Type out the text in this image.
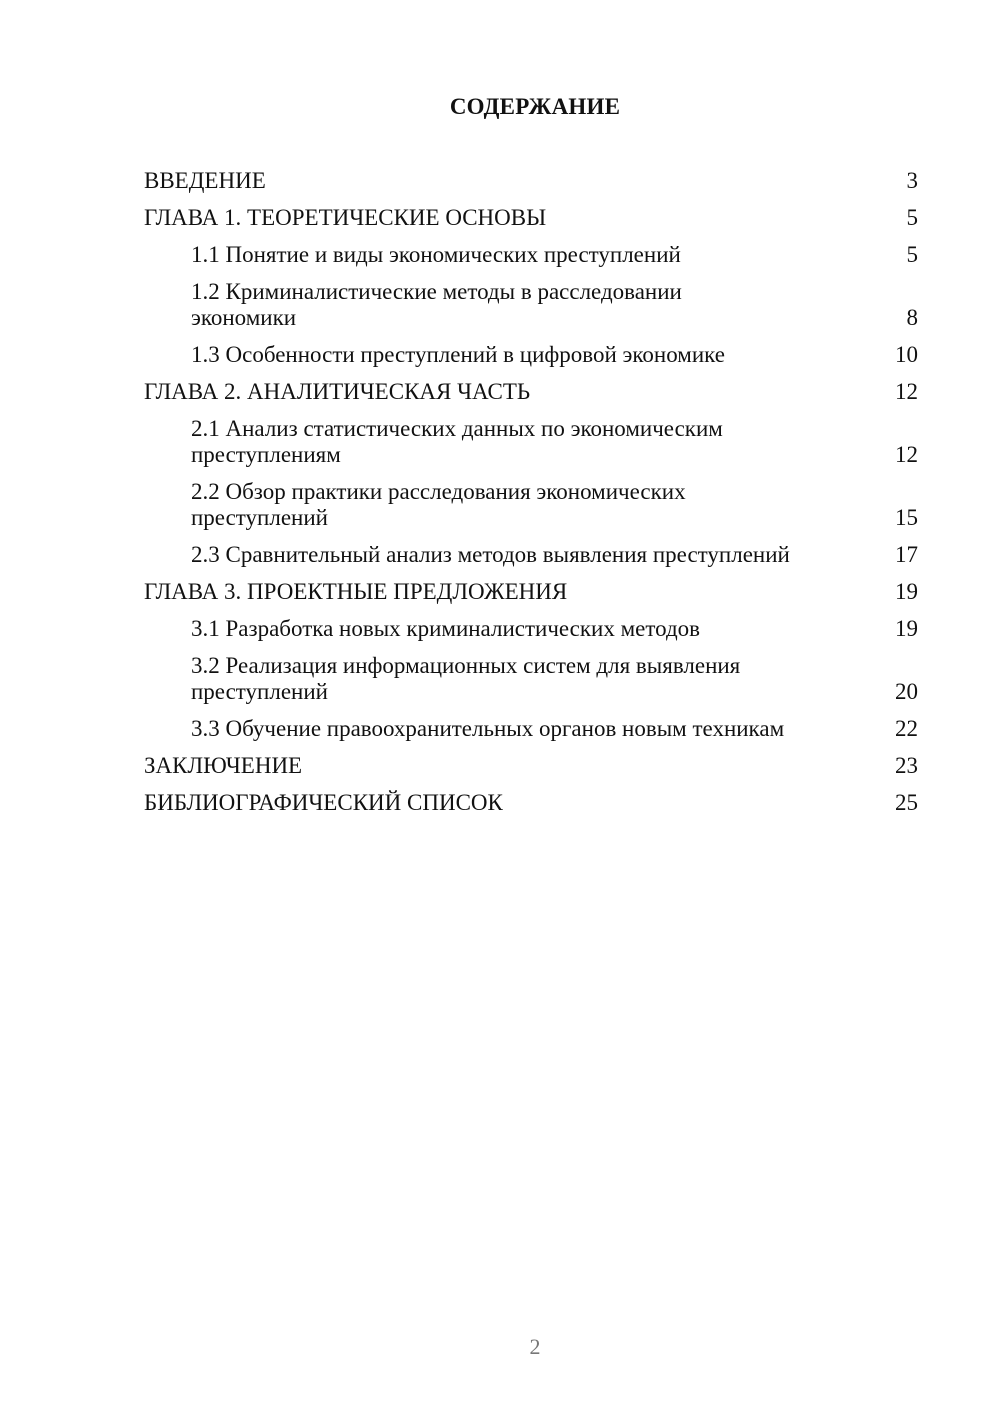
СОДЕРЖАНИЕ
ВВЕДЕНИЕ	3
ГЛАВА 1. ТЕОРЕТИЧЕСКИЕ ОСНОВЫ	5
1.1 Понятие и виды экономических преступлений	5
1.2 Криминалистические методы в расследовании экономики	8
1.3 Особенности преступлений в цифровой экономике	10
ГЛАВА 2. АНАЛИТИЧЕСКАЯ ЧАСТЬ	12
2.1 Анализ статистических данных по экономическим преступлениям	12
2.2 Обзор практики расследования экономических преступлений	15
2.3 Сравнительный анализ методов выявления преступлений	17
ГЛАВА 3. ПРОЕКТНЫЕ ПРЕДЛОЖЕНИЯ	19
3.1 Разработка новых криминалистических методов	19
3.2 Реализация информационных систем для выявления преступлений	20
3.3 Обучение правоохранительных органов новым техникам	22
ЗАКЛЮЧЕНИЕ	23
БИБЛИОГРАФИЧЕСКИЙ СПИСОК	25
2
